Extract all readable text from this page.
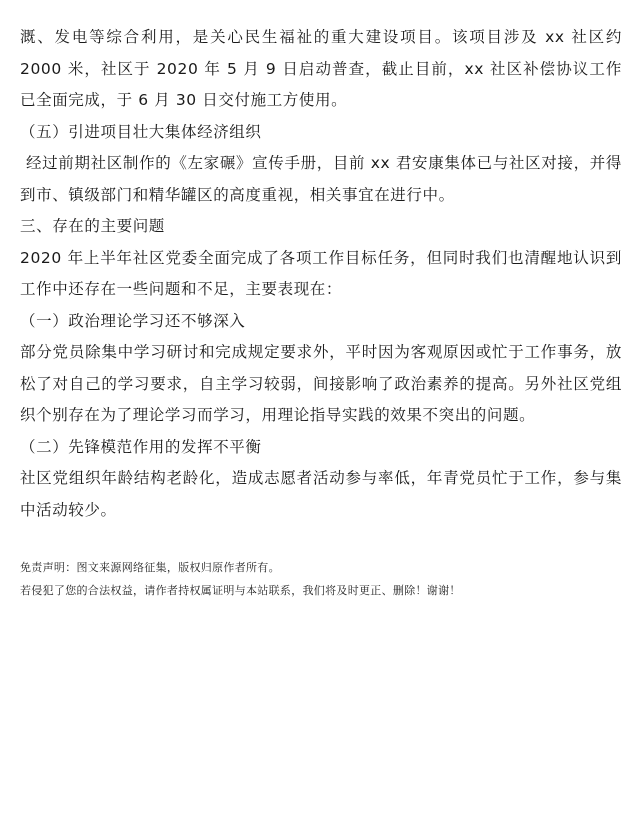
溉、发电等综合利用，是关心民生福祉的重大建设项目。该项目涉及 xx 社区约 2000 米，社区于 2020 年 5 月 9 日启动普查，截止目前，xx 社区补偿协议工作已全面完成，于 6 月 30 日交付施工方使用。

（五）引进项目壮大集体经济组织

经过前期社区制作的《左家碾》宣传手册，目前 xx 君安康集体已与社区对接，并得到市、镇级部门和精华罐区的高度重视，相关事宜在进行中。

三、存在的主要问题

2020 年上半年社区党委全面完成了各项工作目标任务，但同时我们也清醒地认识到工作中还存在一些问题和不足，主要表现在：

（一）政治理论学习还不够深入

部分党员除集中学习研讨和完成规定要求外，平时因为客观原因或忙于工作事务，放松了对自己的学习要求，自主学习较弱，间接影响了政治素养的提高。另外社区党组织个别存在为了理论学习而学习，用理论指导实践的效果不突出的问题。

（二）先锋模范作用的发挥不平衡

社区党组织年龄结构老龄化，造成志愿者活动参与率低，年青党员忙于工作，参与集中活动较少。

免责声明：图文来源网络征集，版权归原作者所有。

若侵犯了您的合法权益，请作者持权属证明与本站联系，我们将及时更正、删除！谢谢！
